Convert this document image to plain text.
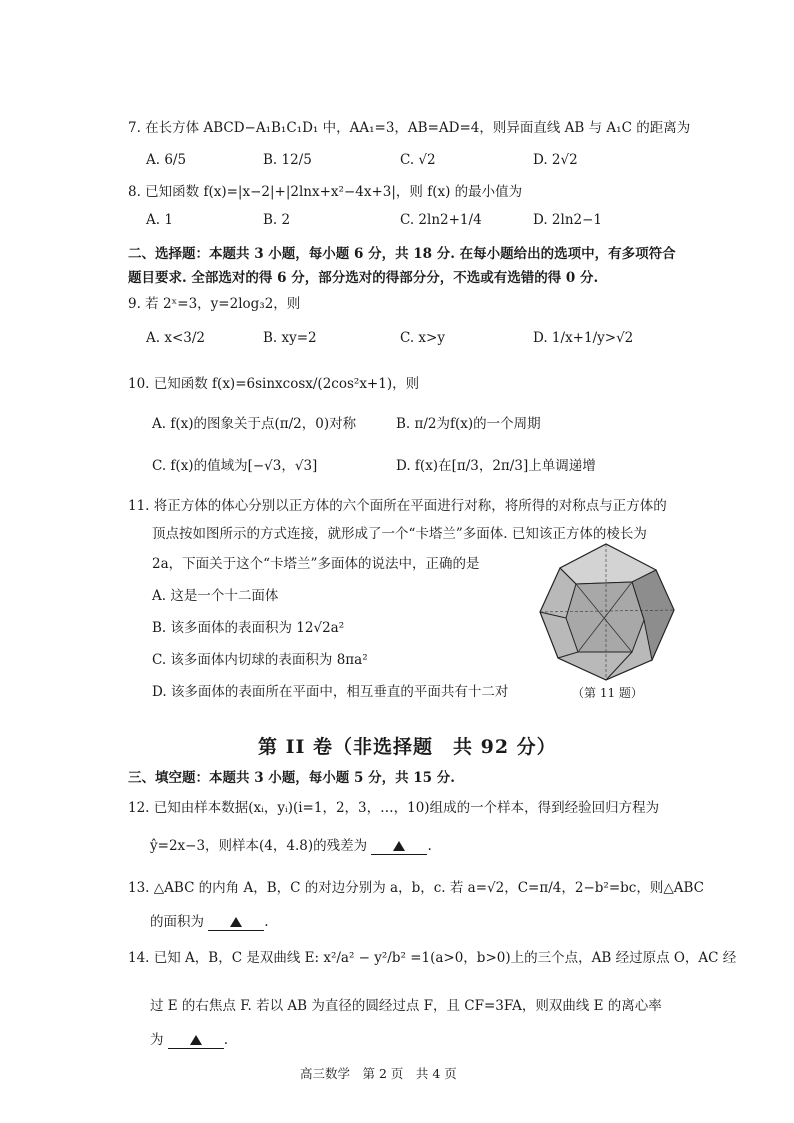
7. 在长方体 ABCD−A₁B₁C₁D₁ 中，AA₁=3，AB=AD=4，则异面直线 AB 与 A₁C 的距离为
A. 6/5	B. 12/5	C. √2	D. 2√2
8. 已知函数 f(x)=|x−2|+|2lnx+x²−4x+3|，则 f(x) 的最小值为
A. 1	B. 2	C. 2ln2+1/4	D. 2ln2−1
二、选择题：本题共 3 小题，每小题 6 分，共 18 分. 在每小题给出的选项中，有多项符合
题目要求. 全部选对的得 6 分，部分选对的得部分分，不选或有选错的得 0 分.
9. 若 2ˣ=3，y=2log₃2，则
A. x<3/2	B. xy=2	C. x>y	D. 1/x+1/y>√2
10. 已知函数 f(x)=6sinxcosx/(2cos²x+1)，则
A. f(x)的图象关于点(π/2，0)对称	B. π/2为f(x)的一个周期
C. f(x)的值域为[−√3，√3]	D. f(x)在[π/3，2π/3]上单调递增
11. 将正方体的体心分别以正方体的六个面所在平面进行对称，将所得的对称点与正方体的
顶点按如图所示的方式连接，就形成了一个“卡塔兰”多面体. 已知该正方体的棱长为
2a，下面关于这个“卡塔兰”多面体的说法中，正确的是
A. 这是一个十二面体
B. 该多面体的表面积为 12√2a²
C. 该多面体内切球的表面积为 8πa²
D. 该多面体的表面所在平面中，相互垂直的平面共有十二对	（第 11 题）
第 II 卷（非选择题　共 92 分）
三、填空题：本题共 3 小题，每小题 5 分，共 15 分.
12. 已知由样本数据(xᵢ，yᵢ)(i=1，2，3，…，10)组成的一个样本，得到经验回归方程为
ŷ=2x−3，则样本(4，4.8)的残差为	.
13. △ABC 的内角 A，B，C 的对边分别为 a，b，c. 若 a=√2，C=π/4，2−b²=bc，则△ABC
的面积为	.
14. 已知 A，B，C 是双曲线 E: x²/a² − y²/b² =1(a>0，b>0)上的三个点，AB 经过原点 O，AC 经
过 E 的右焦点 F. 若以 AB 为直径的圆经过点 F，且 CF=3FA，则双曲线 E 的离心率
为	.
高三数学　第 2 页　共 4 页
